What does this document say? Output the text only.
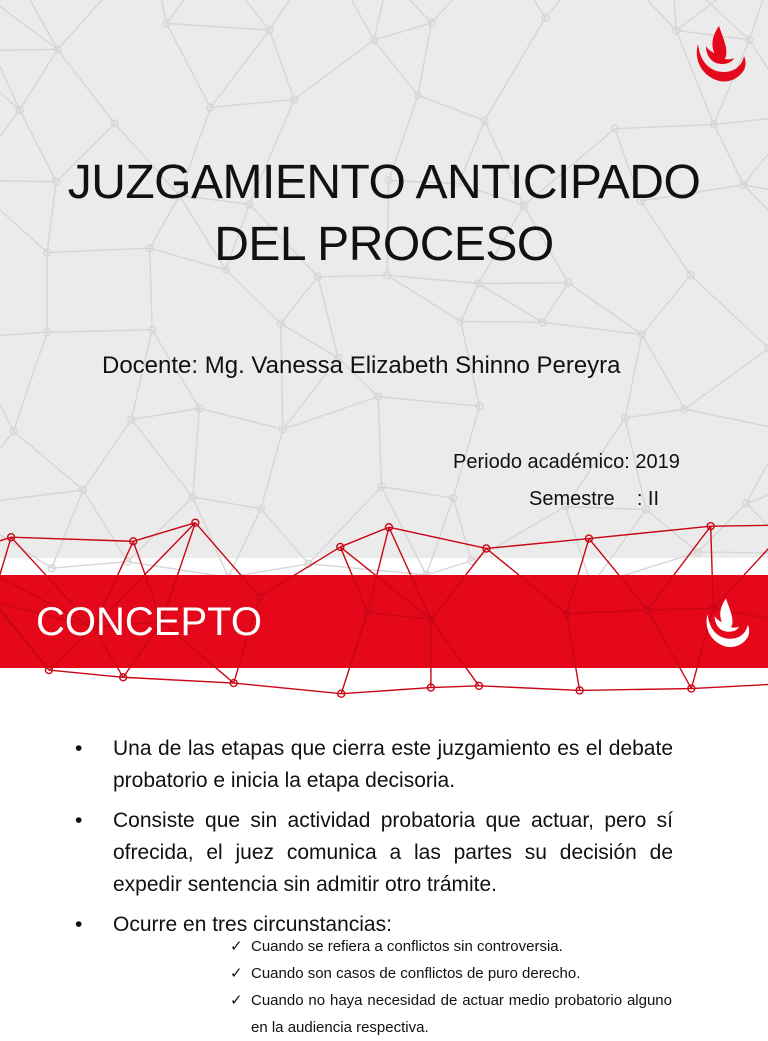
JUZGAMIENTO ANTICIPADO
DEL PROCESO
Docente: Mg. Vanessa Elizabeth Shinno Pereyra
Periodo académico: 2019
Semestre    : II
CONCEPTO
• Una de las etapas que cierra este juzgamiento es el debate probatorio e inicia la etapa decisoria.
• Consiste que sin actividad probatoria que actuar, pero sí ofrecida, el juez comunica a las partes su decisión de expedir sentencia sin admitir otro trámite.
• Ocurre en tres circunstancias:
✓ Cuando se refiera a conflictos sin controversia.
✓ Cuando son casos de conflictos de puro derecho.
✓ Cuando no haya necesidad de actuar medio probatorio alguno en la audiencia respectiva.
